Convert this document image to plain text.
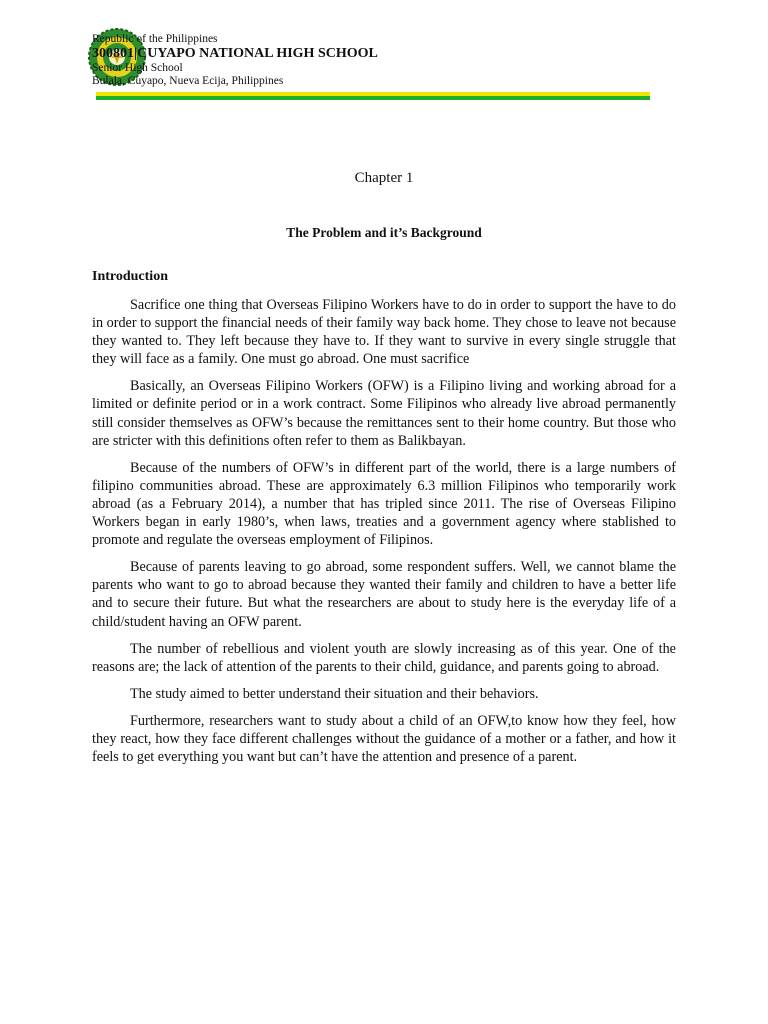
Republic of the Philippines
300801|CUYAPO NATIONAL HIGH SCHOOL
Senior High School
Bulala, Cuyapo, Nueva Ecija, Philippines
Chapter 1
The Problem and it’s Background
Introduction

Sacrifice one thing that Overseas Filipino Workers have to do in order to support the have to do in order to support the financial needs of their family way back home. They chose to leave not because they wanted to. They left because they have to. If they want to survive in every single struggle that they will face as a family. One must go abroad. One must sacrifice

Basically, an Overseas Filipino Workers (OFW) is a Filipino living and working abroad for a limited or definite period or in a work contract. Some Filipinos who already live abroad permanently still consider themselves as OFW’s because the remittances sent to their home country. But those who are stricter with this definitions often refer to them as Balikbayan.

Because of the numbers of OFW’s in different part of the world, there is a large numbers of filipino communities abroad. These are approximately 6.3 million Filipinos who temporarily work abroad (as a February 2014), a number that has tripled since 2011. The rise of Overseas Filipino Workers began in early 1980’s, when laws, treaties and a government agency where stablished to promote and regulate the overseas employment of Filipinos.

Because of parents leaving to go abroad, some respondent suffers. Well, we cannot blame the parents who want to go to abroad because they wanted their family and children to have a better life and to secure their future. But what the researchers are about to study here is the everyday life of a child/student having an OFW parent.

The number of rebellious and violent youth are slowly increasing as of this year. One of the reasons are; the lack of attention of the parents to their child, guidance, and parents going to abroad.

The study aimed to better understand their situation and their behaviors.

Furthermore, researchers want to study about a child of an OFW,to know how they feel, how they react, how they face different challenges without the guidance of a mother or a father, and how it feels to get everything you want but can’t have the attention and presence of a parent.
